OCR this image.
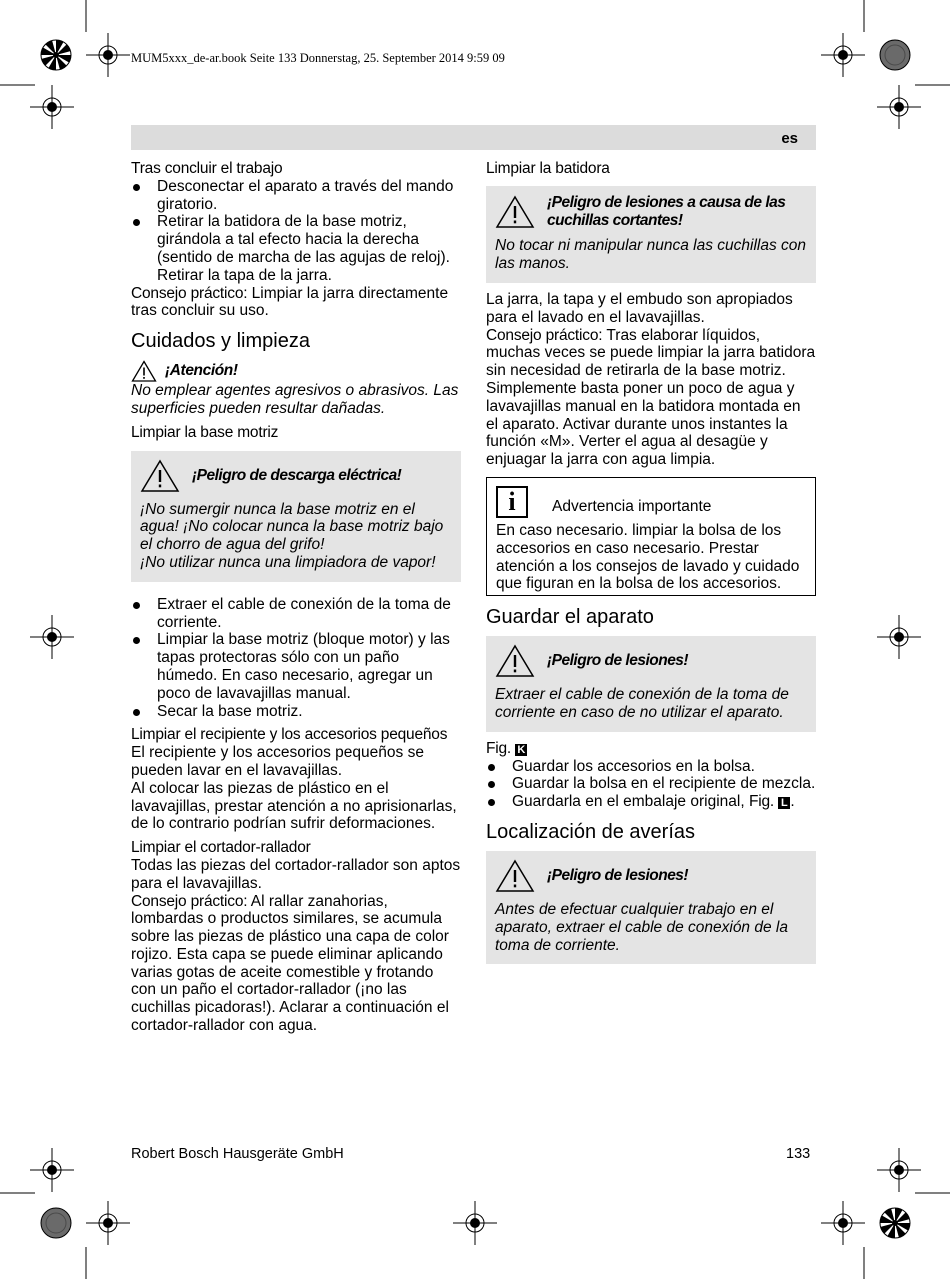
MUM5xxx_de-ar.book Seite 133 Donnerstag, 25. September 2014 9:59 09
es

Tras concluir el trabajo

Desconectar el aparato a través del mando giratorio.
Retirar la batidora de la base motriz, girándola a tal efecto hacia la derecha (sentido de marcha de las agujas de reloj). Retirar la tapa de la jarra.

Consejo práctico: Limpiar la jarra directamente tras concluir su uso.

Cuidados y limpieza
¡Atención!

No emplear agentes agresivos o abrasivos. Las superficies pueden resultar dañadas.

Limpiar la base motriz

¡Peligro de descarga eléctrica!

¡No sumergir nunca la base motriz en el agua! ¡No colocar nunca la base motriz bajo el chorro de agua del grifo!

¡No utilizar nunca una limpiadora de vapor!

Extraer el cable de conexión de la toma de corriente.
Limpiar la base motriz (bloque motor) y las tapas protectoras sólo con un paño húmedo. En caso necesario, agregar un poco de lavavajillas manual.
Secar la base motriz.

Limpiar el recipiente y los accesorios pequeños

El recipiente y los accesorios pequeños se pueden lavar en el lavavajillas.

Al colocar las piezas de plástico en el lavavajillas, prestar atención a no aprisionarlas, de lo contrario podrían sufrir deformaciones.

Limpiar el cortador-rallador

Todas las piezas del cortador-rallador son aptos para el lavavajillas.

Consejo práctico: Al rallar zanahorias, lombardas o productos similares, se acumula sobre las piezas de plástico una capa de color rojizo. Esta capa se puede eliminar aplicando varias gotas de aceite comestible y frotando con un paño el cortador-rallador (¡no las cuchillas picadoras!). Aclarar a continuación el cortador-rallador con agua.

Limpiar la batidora

¡Peligro de lesiones a causa de las cuchillas cortantes!

No tocar ni manipular nunca las cuchillas con las manos.

La jarra, la tapa y el embudo son apropiados para el lavado en el lavavajillas.

Consejo práctico: Tras elaborar líquidos, muchas veces se puede limpiar la jarra batidora sin necesidad de retirarla de la base motriz. Simplemente basta poner un poco de agua y lavavajillas manual en la batidora montada en el aparato. Activar durante unos instantes la función «M». Verter el agua al desagüe y enjuagar la jarra con agua limpia.

i	Advertencia importante

En caso necesario. limpiar la bolsa de los accesorios en caso necesario. Prestar atención a los consejos de lavado y cuidado que figuran en la bolsa de los accesorios.

Guardar el aparato
¡Peligro de lesiones!

Extraer el cable de conexión de la toma de corriente en caso de no utilizar el aparato.

Fig. K

Guardar los accesorios en la bolsa.
Guardar la bolsa en el recipiente de mezcla.
Guardarla en el embalaje original, Fig. L .
Localización de averías
¡Peligro de lesiones!

Antes de efectuar cualquier trabajo en el aparato, extraer el cable de conexión de la toma de corriente.

Robert Bosch Hausgeräte GmbH	133
